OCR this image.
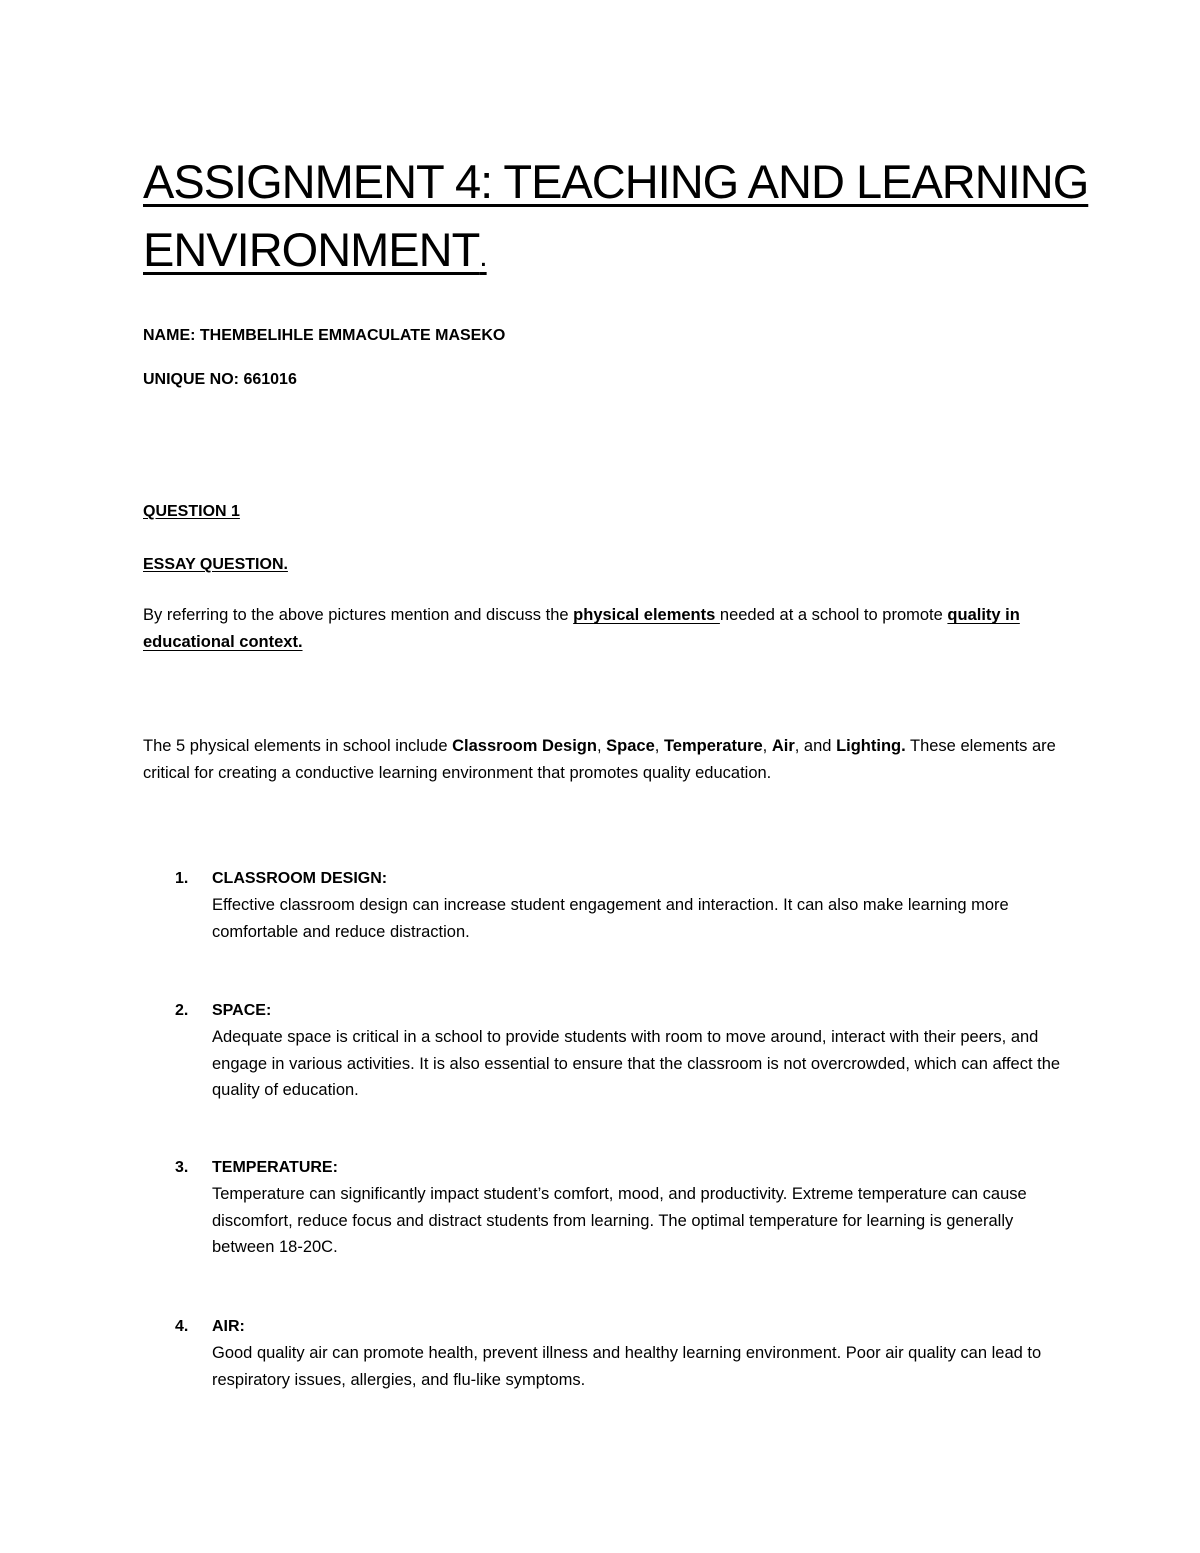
ASSIGNMENT 4: TEACHING AND LEARNING
ENVIRONMENT.
NAME: THEMBELIHLE EMMACULATE MASEKO
UNIQUE NO: 661016
QUESTION 1
ESSAY QUESTION.

By referring to the above pictures mention and discuss the physical elements needed at a school to promote quality in educational context.

The 5 physical elements in school include Classroom Design, Space, Temperature, Air, and Lighting. These elements are critical for creating a conductive learning environment that promotes quality education.

1. CLASSROOM DESIGN:

Effective classroom design can increase student engagement and interaction. It can also make learning more comfortable and reduce distraction.

2. SPACE:

Adequate space is critical in a school to provide students with room to move around, interact with their peers, and engage in various activities. It is also essential to ensure that the classroom is not overcrowded, which can affect the quality of education.

3. TEMPERATURE:

Temperature can significantly impact student’s comfort, mood, and productivity. Extreme temperature can cause discomfort, reduce focus and distract students from learning. The optimal temperature for learning is generally between 18-20C.

4. AIR:

Good quality air can promote health, prevent illness and healthy learning environment. Poor air quality can lead to respiratory issues, allergies, and flu-like symptoms.
